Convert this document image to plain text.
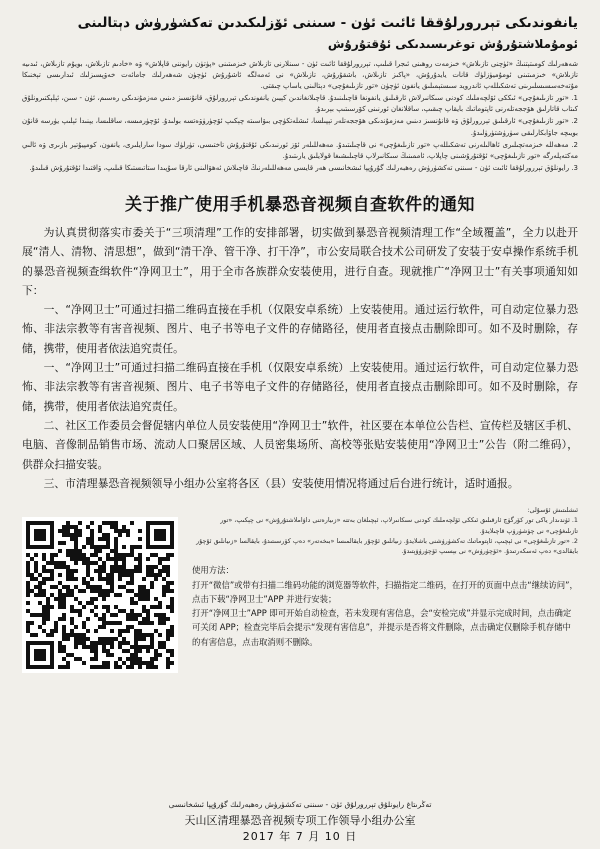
يانفوندىكى تېررورلۇققا ئائىت ئۈن - سىننى ئۆزلىكىدىن تەكشۈرۈش دېتالىنى
ئومۇملاشتۇرۇش توغرىسىدىكى ئۇقتۇرۇش

شەھەرلىك كومىتېتنىڭ «ئۈچنى تازىلاش» خىزمەت روھىنى ئىجرا قىلىپ، تېررورلۇققا ئائىت ئۈن - سىنلارنى تازىلاش خىزمىتىنى «پۈتۈن رايوننى قاپلاش» ۋە «خادىم تازىلاش، بويۇم تازىلاش، ئىدىيە تازىلاش» خىزمىتىنى ئومۇميۈزلۈك قانات يايدۇرۇش، «پاكىز تازىلاش، باشقۇرۇش، تازىلاش» نى ئەمەلگە ئاشۇرۇش ئۈچۈن شەھەرلىك جامائەت خەۋپسىزلىك ئىدارىسى تېخنىكا مۇتەخەسسىسلىرىنى تەشكىللەپ ئاندرويد سىستېمىلىق يانفون ئۈچۈن «تور تازىلىغۇچى» دېتالىنى ياساپ چىقتى.

1. «تور تازىلىغۇچى» ئىككى ئۆلچەملىك كودنى سىكانىرلاش ئارقىلىق يانفونغا قاچىلىنىدۇ. قاچىلانغاندىن كېيىن يانفوندىكى تېررورلۇق، قانۇنسىز دىنىي مەزمۇندىكى رەسىم، ئۈن - سىن، ئېلېكتىرونلۇق كىتاب قاتارلىق ھۆججەتلەرنى ئاپتوماتىك بايقاپ چىقىپ، ساقلانغان ئورنىنى كۆرسىتىپ بېرىدۇ.

2. «تور تازىلىغۇچى» ئارقىلىق تېررورلۇق ۋە قانۇنسىز دىنىي مەزمۇندىكى ھۆججەتلەر تېپىلسا، ئىشلەتكۈچى بىۋاسىتە چېكىپ ئۆچۈرۈۋەتسە بولىدۇ. ئۆچۈرمىسە، ساقلىسا، يېنىدا ئېلىپ يۈرسە قانۇن بويىچە جاۋابكارلىقى سۈرۈشتۈرۈلىدۇ.

2. مەھەللە خىزمەتچىلىرى ئاھالىلەرنى تەشكىللەپ «تور تازىلىغۇچى» نى قاچىلىتىدۇ. مەھەللىلەر ئۆز ئورنىدىكى ئۇقتۇرۇش تاختىسى، تۈرلۈك سودا سارايلىرى، يانفون، كومپيۇتېر بازىرى ۋە ئالىي مەكتەپلەرگە «تور تازىلىغۇچى» ئۇقتۇرۇشىنى چاپلاپ، ئاممىنىڭ سىكانىرلاپ قاچىلىشىغا قولايلىق يارىتىدۇ.

3. رايونلۇق تېررورلۇققا ئائىت ئۈن - سىننى تەكشۈرۈش رەھبەرلىك گۇرۇپپا ئىشخانىسى ھەر قايسى مەھەللىلەرنىڭ قاچىلاش ئەھۋالىنى ئارقا سۇپىدا ستاتىستىكا قىلىپ، ۋاقتىدا ئۇقتۇرۇش قىلىدۇ.

关于推广使用手机暴恐音视频自查软件的通知

为认真贯彻落实市委关于“三项清理”工作的安排部署，切实做到暴恐音视频清理工作“全域覆盖”，全力以赴开展“清人、清物、清思想”，做到“清干净、管干净、打干净”，市公安局联合技术公司研发了安装于安卓操作系统手机的暴恐音视频查缉软件“净网卫士”，用于全市各族群众安装使用，进行自查。现就推广“净网卫士”有关事项通知如下：

一、“净网卫士”可通过扫描二维码直接在手机（仅限安卓系统）上安装使用。通过运行软件，可自动定位暴力恐怖、非法宗教等有害音视频、图片、电子书等电子文件的存储路径，使用者直接点击删除即可。如不及时删除，存储，携带，使用者依法追究责任。

一、“净网卫士”可通过扫描二维码直接在手机（仅限安卓系统）上安装使用。通过运行软件，可自动定位暴力恐怖、非法宗教等有害音视频、图片、电子书等电子文件的存储路径，使用者直接点击删除即可。如不及时删除，存储，携带，使用者依法追究责任。

二、社区工作委员会督促辖内单位人员安装使用“净网卫士”软件，社区要在本单位公告栏、宣传栏及辖区手机、电脑、音像制品销售市场、流动人口聚居区域、人员密集场所、高校等张贴安装使用“净网卫士”公告（附二维码），供群众扫描安装。

三、市清理暴恐音视频领导小组办公室将各区（县）安装使用情况将通过后台进行统计，适时通报。

ئىشلىتىش ئۇسۇلى:

1. ئۈندىدار ياكى تور كۆرگۈچ ئارقىلىق ئىككى ئۆلچەملىك كودنى سىكانىرلاپ، ئېچىلغان بەتتە «زىيارەتنى داۋاملاشتۇرۇش» نى چېكىپ، «تور تازىلىغۇچى» نى چۈشۈرۈپ قاچىلايدۇ.

2. «تور تازىلىغۇچى» نى ئېچىپ، ئاپتوماتىك تەكشۈرۈشنى باشلايدۇ. زىيانلىق ئۇچۇر بايقالمىسا «بىخەتەر» دەپ كۆرسىتىدۇ، بايقالسا «زىيانلىق ئۇچۇر بايقالدى» دەپ ئەسكەرتىدۇ. «ئۆچۈرۈش» نى بېسىپ ئۆچۈرۈۋېتىدۇ.

使用方法：

打开“微信”或带有扫描二维码功能的浏览器等软件，扫描指定二维码，在打开的页面中点击“继续访问”，点击下载“净网卫士”APP 并进行安装；

打开“净网卫士”APP 即可开始自动检查，若未发现有害信息，会“安检完成”并显示完成时间，点击确定可关闭 APP；检查完毕后会提示“发现有害信息”，并提示是否将文件删除，点击确定仅删除手机存储中的有害信息，点击取消则不删除。

تەڭرىتاغ رايونلۇق تېررورلۇق ئۈن - سىننى تەكشۈرۈش رەھبەرلىك گۇرۇپپا ئىشخانىسى
天山区清理暴恐音视频专项工作领导小组办公室
2017 年 7 月 10 日
